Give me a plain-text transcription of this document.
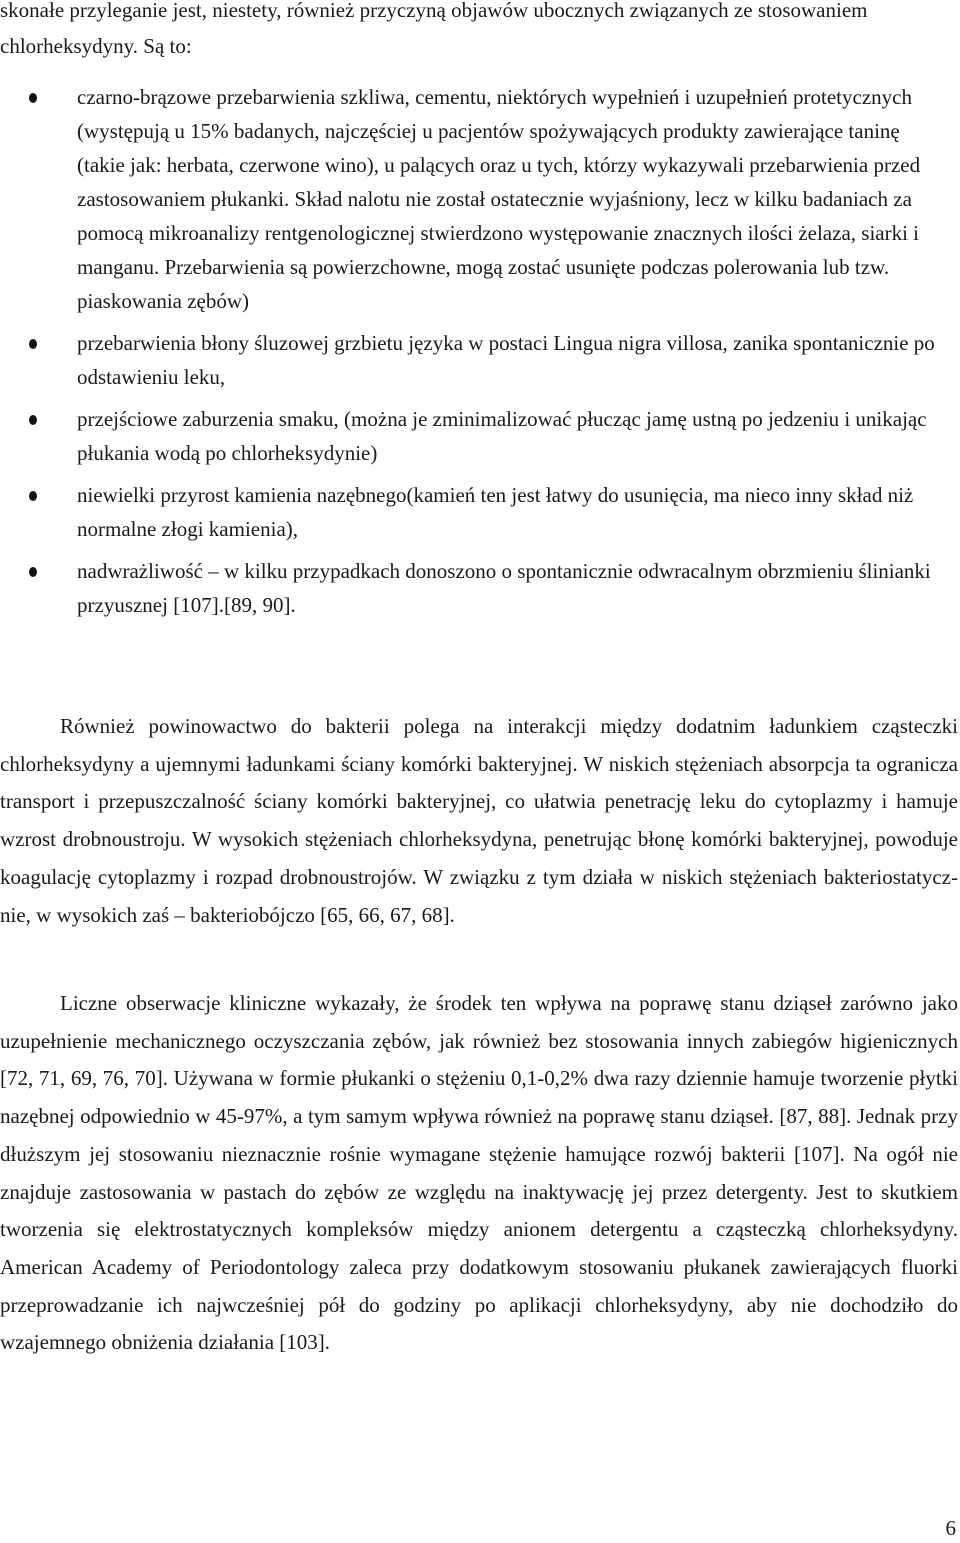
skonałe przyleganie jest, niestety, również przyczyną objawów ubocznych związanych ze stosowaniem chlorheksydyny. Są to:

czarno-brązowe przebarwienia szkliwa, cementu, niektórych wypełnień i uzupełnień protetycznych (występują u 15% badanych, najczęściej u pacjentów spożywających produkty zawierające taninę (takie jak: herbata, czerwone wino), u palących oraz u tych, którzy wykazywali przebarwienia przed zastosowaniem płukanki. Skład nalotu nie został ostatecznie wyjaśniony, lecz w kilku badaniach za pomocą mikroanalizy rentgenologicznej stwierdzono występowanie znacznych ilości żelaza, siarki i manganu. Przebarwienia są powierzchowne, mogą zostać usunięte podczas polerowania lub tzw. piaskowania zębów)
przebarwienia błony śluzowej grzbietu języka w postaci Lingua nigra villosa, zanika spontanicznie po odstawieniu leku,
przejściowe zaburzenia smaku, (można je zminimalizować płucząc jamę ustną po jedzeniu i unikając płukania wodą po chlorheksydynie)
niewielki przyrost kamienia nazębnego(kamień ten jest łatwy do usunięcia, ma nieco inny skład niż normalne złogi kamienia),
nadwrażliwość – w kilku przypadkach donoszono o spontanicznie odwracalnym obrzmieniu ślinianki przyusznej [107].[89, 90].

Również powinowactwo do bakterii polega na interakcji między dodatnim ładunkiem cząsteczki chlorheksydyny a ujemnymi ładunkami ściany komórki bakteryjnej. W niskich stężeniach absorpcja ta ogranicza transport i przepuszczalność ściany komórki bakteryjnej, co ułatwia penetrację leku do cytoplazmy i hamuje wzrost drobnoustroju. W wysokich stężeniach chlorheksydyna, penetrując błonę komórki bakteryjnej, powoduje koagulację cytoplazmy i rozpad drobnoustrojów. W związku z tym działa w niskich stężeniach bakteriostatycznie, w wysokich zaś – bakteriobójczo [65, 66, 67, 68].

Liczne obserwacje kliniczne wykazały, że środek ten wpływa na poprawę stanu dziąseł zarówno jako uzupełnienie mechanicznego oczyszczania zębów, jak również bez stosowania innych zabiegów higienicznych [72, 71, 69, 76, 70]. Używana w formie płukanki o stężeniu 0,1-0,2% dwa razy dziennie hamuje tworzenie płytki nazębnej odpowiednio w 45-97%, a tym samym wpływa również na poprawę stanu dziąseł. [87, 88]. Jednak przy dłuższym jej stosowaniu nieznacznie rośnie wymagane stężenie hamujące rozwój bakterii [107]. Na ogół nie znajduje zastosowania w pastach do zębów ze względu na inaktywację jej przez detergenty. Jest to skutkiem tworzenia się elektrostatycznych kompleksów między anionem detergentu a cząsteczką chlorheksydyny. American Academy of Periodontology zaleca przy dodatkowym stosowaniu płukanek zawierających fluorki przeprowadzanie ich najwcześniej pół do godziny po aplikacji chlorheksydyny, aby nie dochodziło do wzajemnego obniżenia działania [103].

6
